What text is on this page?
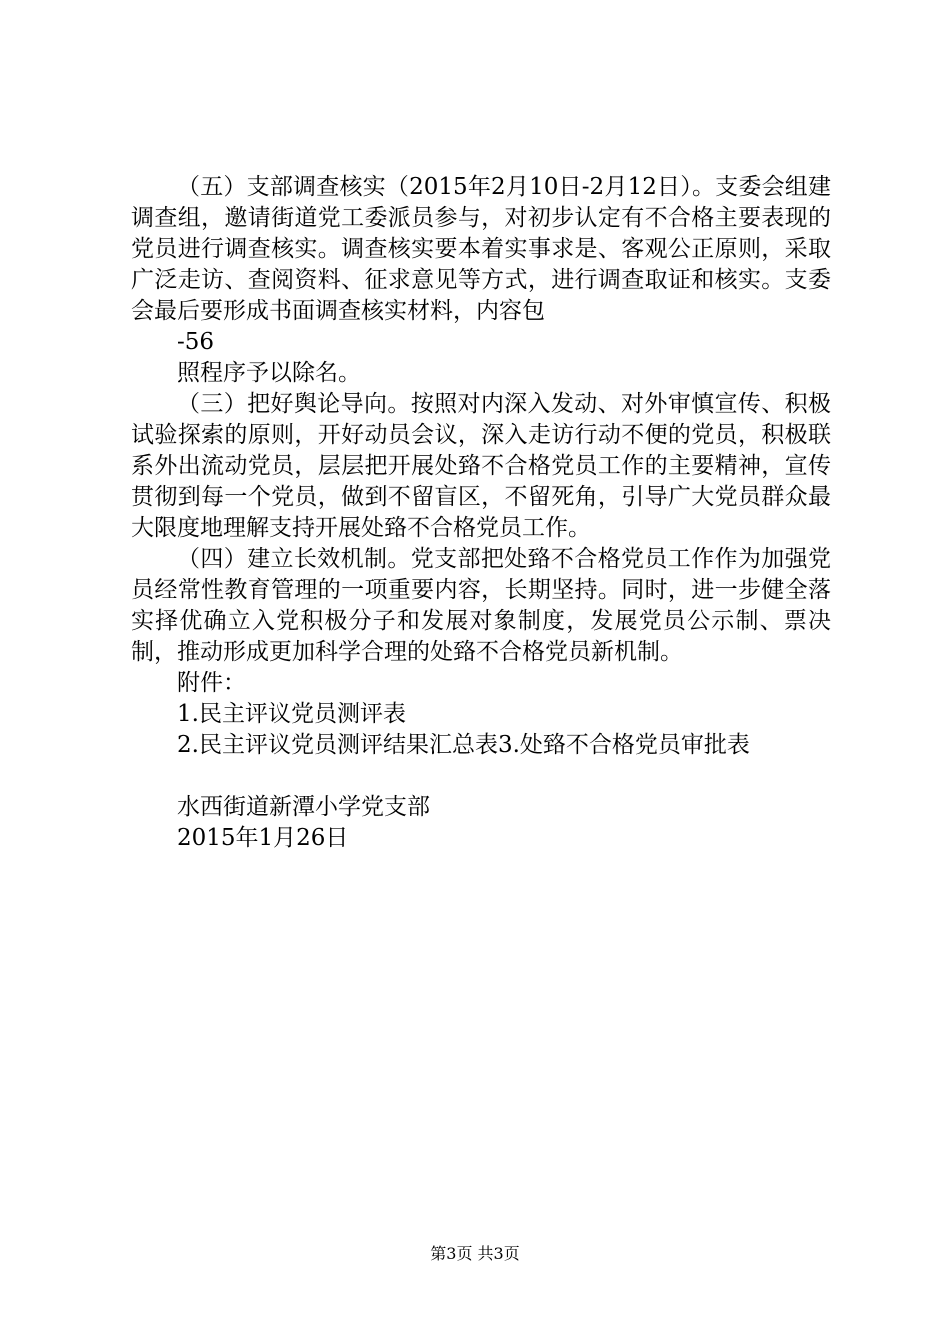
（五）支部调查核实（2015年2月10日-2月12日）。支委会组建调查组，邀请街道党工委派员参与，对初步认定有不合格主要表现的党员进行调查核实。调查核实要本着实事求是、客观公正原则，采取广泛走访、查阅资料、征求意见等方式，进行调查取证和核实。支委会最后要形成书面调查核实材料，内容包

-56

照程序予以除名。

（三）把好舆论导向。按照对内深入发动、对外审慎宣传、积极试验探索的原则，开好动员会议，深入走访行动不便的党员，积极联系外出流动党员，层层把开展处臵不合格党员工作的主要精神，宣传贯彻到每一个党员，做到不留盲区，不留死角，引导广大党员群众最大限度地理解支持开展处臵不合格党员工作。

（四）建立长效机制。党支部把处臵不合格党员工作作为加强党员经常性教育管理的一项重要内容，长期坚持。同时，进一步健全落实择优确立入党积极分子和发展对象制度，发展党员公示制、票决制，推动形成更加科学合理的处臵不合格党员新机制。

附件：

1.民主评议党员测评表

2.民主评议党员测评结果汇总表3.处臵不合格党员审批表

水西街道新潭小学党支部

2015年1月26日

第3页 共3页
